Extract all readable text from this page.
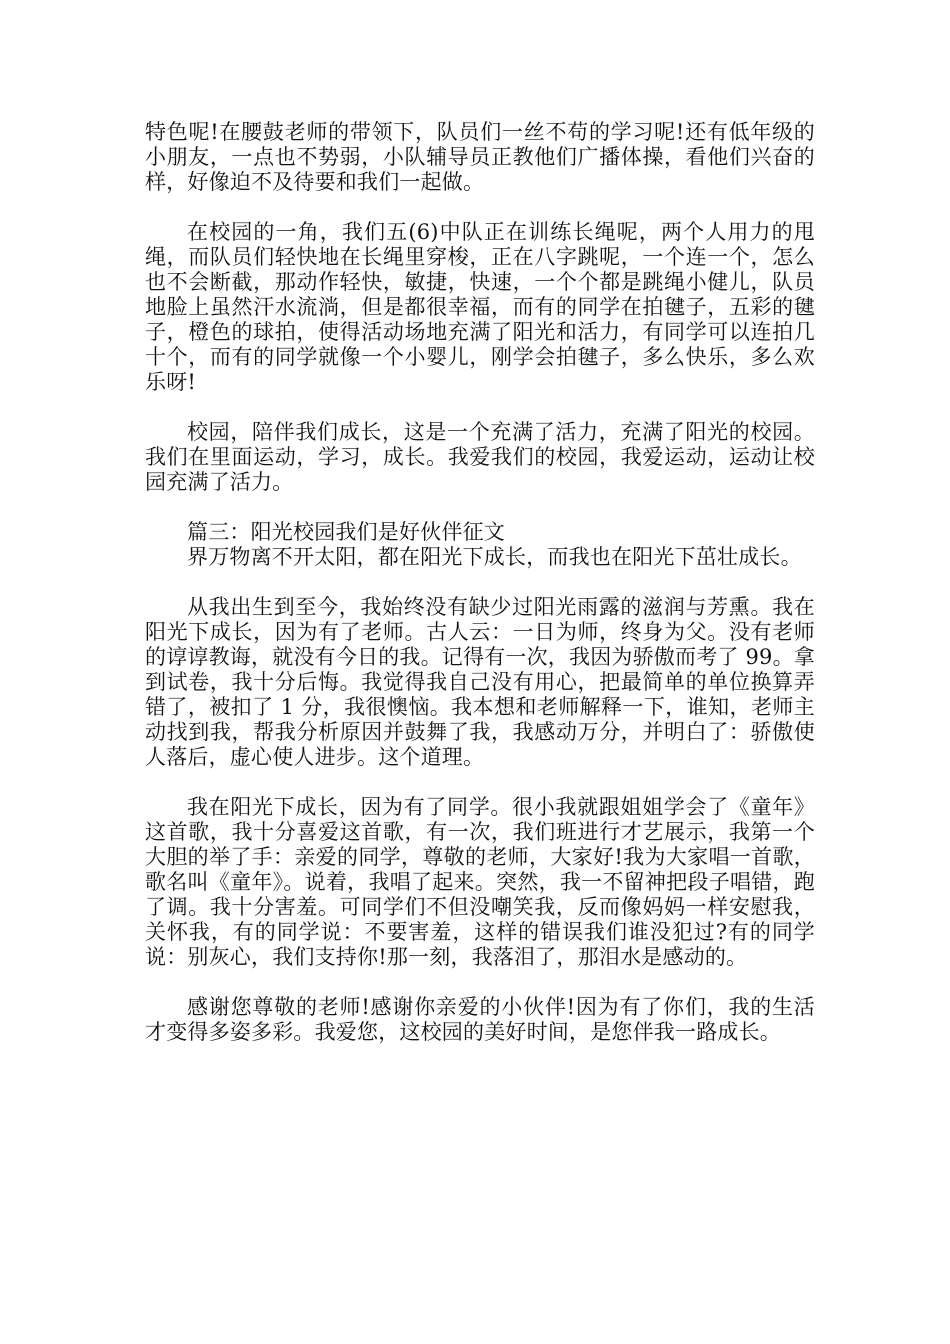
特色呢!在腰鼓老师的带领下，队员们一丝不苟的学习呢!还有低年级的小朋友，一点也不势弱，小队辅导员正教他们广播体操，看他们兴奋的样，好像迫不及待要和我们一起做。

在校园的一角，我们五(6)中队正在训练长绳呢，两个人用力的甩绳，而队员们轻快地在长绳里穿梭，正在八字跳呢，一个连一个，怎么也不会断截，那动作轻快，敏捷，快速，一个个都是跳绳小健儿，队员地脸上虽然汗水流淌，但是都很幸福，而有的同学在拍毽子，五彩的毽子，橙色的球拍，使得活动场地充满了阳光和活力，有同学可以连拍几十个，而有的同学就像一个小婴儿，刚学会拍毽子，多么快乐，多么欢乐呀!

校园，陪伴我们成长，这是一个充满了活力，充满了阳光的校园。我们在里面运动，学习，成长。我爱我们的校园，我爱运动，运动让校园充满了活力。

篇三：阳光校园我们是好伙伴征文

界万物离不开太阳，都在阳光下成长，而我也在阳光下茁壮成长。

从我出生到至今，我始终没有缺少过阳光雨露的滋润与芳熏。我在阳光下成长，因为有了老师。古人云：一日为师，终身为父。没有老师的谆谆教诲，就没有今日的我。记得有一次，我因为骄傲而考了 99。拿到试卷，我十分后悔。我觉得我自己没有用心，把最简单的单位换算弄错了，被扣了 1 分，我很懊恼。我本想和老师解释一下，谁知，老师主动找到我，帮我分析原因并鼓舞了我，我感动万分，并明白了：骄傲使人落后，虚心使人进步。这个道理。

我在阳光下成长，因为有了同学。很小我就跟姐姐学会了《童年》这首歌，我十分喜爱这首歌，有一次，我们班进行才艺展示，我第一个大胆的举了手：亲爱的同学，尊敬的老师，大家好!我为大家唱一首歌，歌名叫《童年》。说着，我唱了起来。突然，我一不留神把段子唱错，跑了调。我十分害羞。可同学们不但没嘲笑我，反而像妈妈一样安慰我，关怀我，有的同学说：不要害羞，这样的错误我们谁没犯过?有的同学说：别灰心，我们支持你!那一刻，我落泪了，那泪水是感动的。

感谢您尊敬的老师!感谢你亲爱的小伙伴!因为有了你们，我的生活才变得多姿多彩。我爱您，这校园的美好时间，是您伴我一路成长。
